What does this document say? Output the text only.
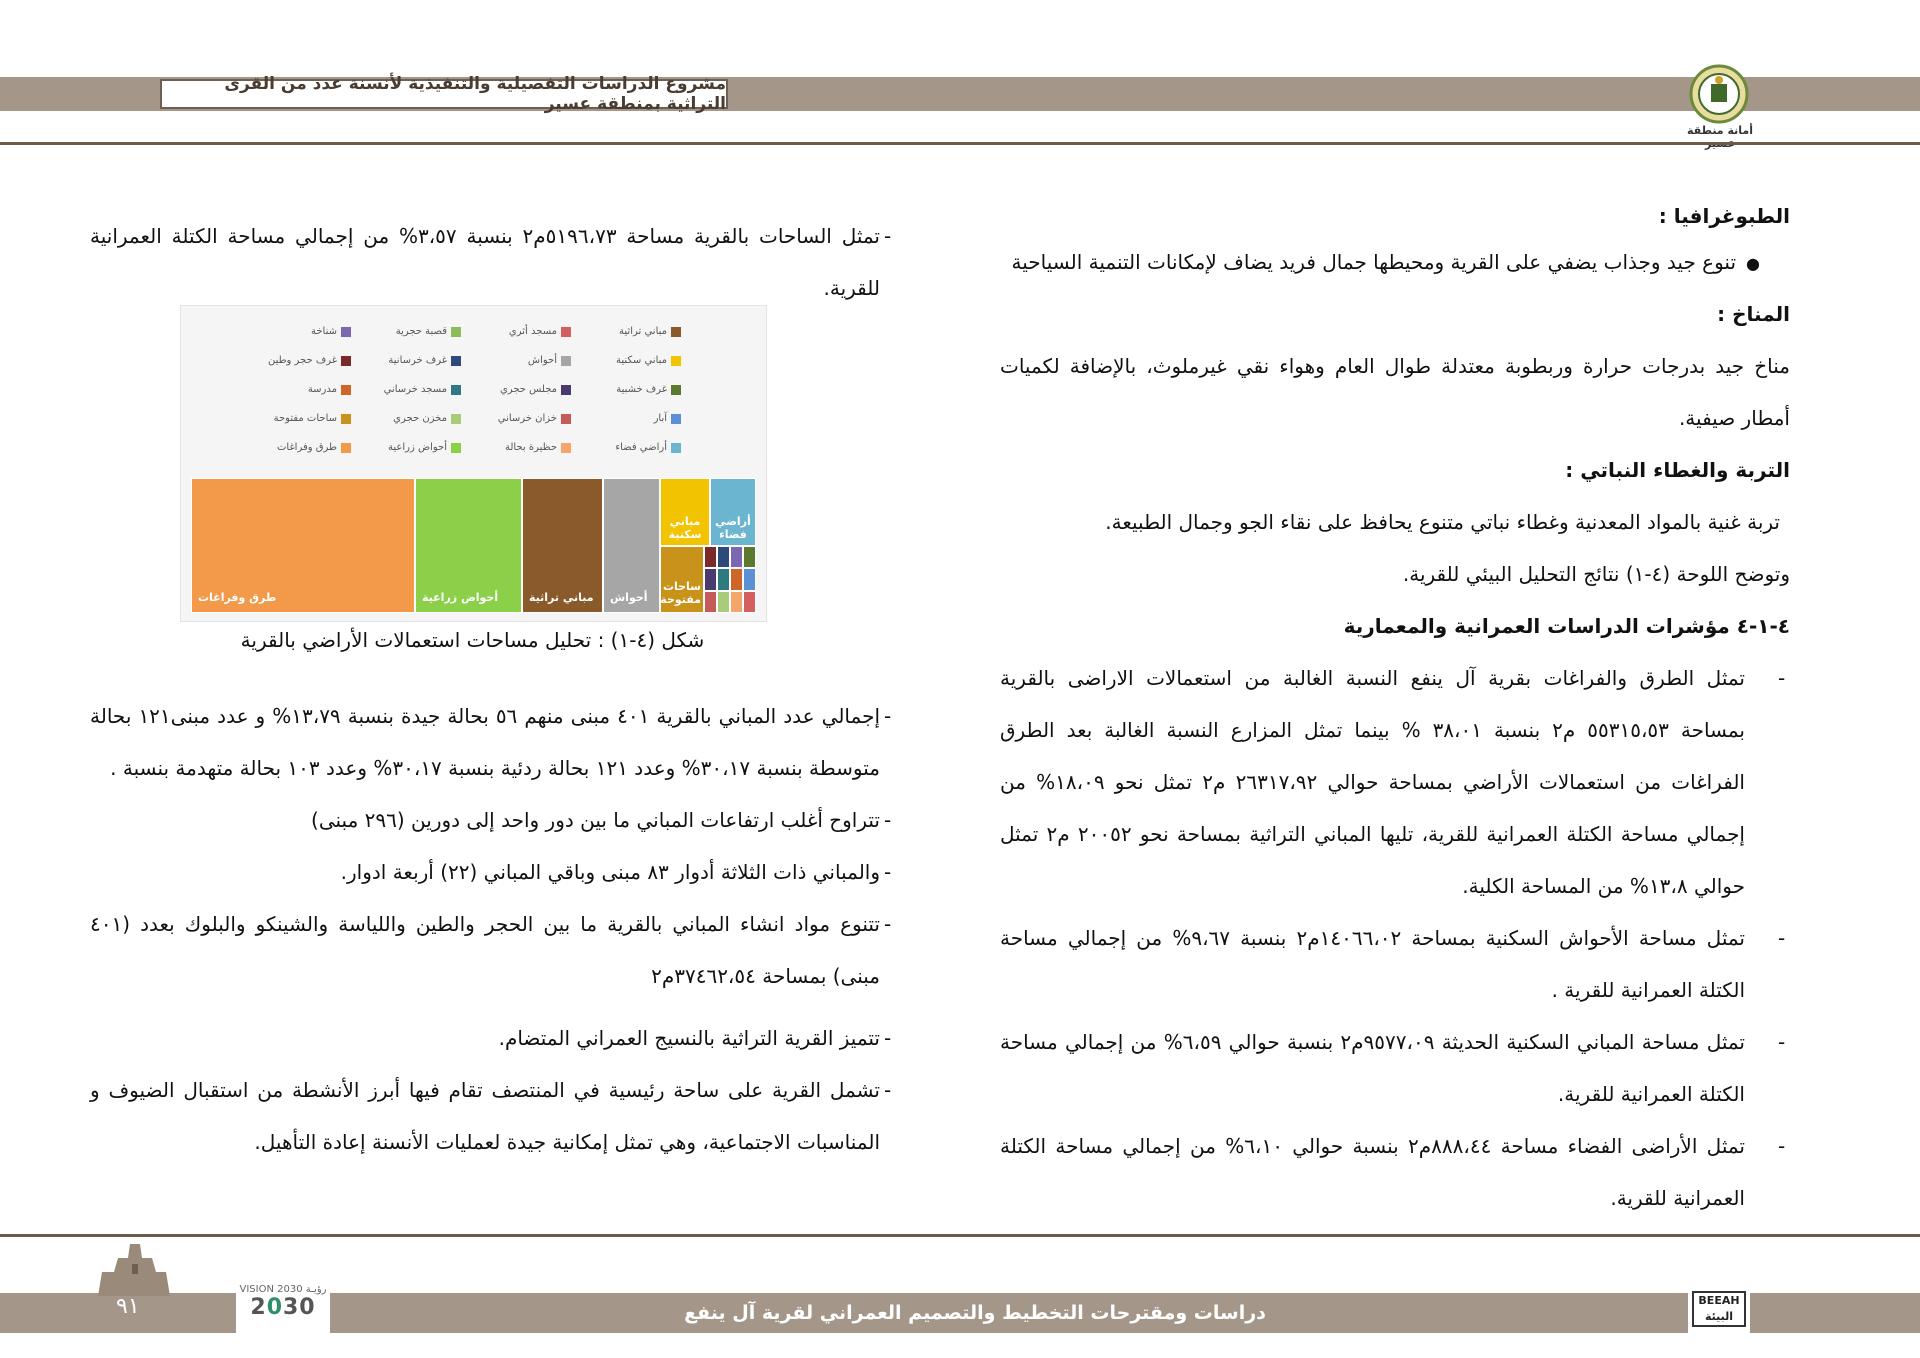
مشروع الدراسات التفصيلية والتنفيذية لأنسنة عدد من القرى التراثية بمنطقة عسير
أمانة منطقة
الطبوغرافيا :
●تنوع جيد وجذاب يضفي على القرية ومحيطها جمال فريد يضاف لإمكانات التنمية السياحية
المناخ :
مناخ جيد بدرجات حرارة وربطوبة معتدلة طوال العام وهواء نقي غيرملوث، بالإضافة لكميات أمطار صيفية.
التربة والغطاء النباتي :
تربة غنية بالمواد المعدنية وغطاء نباتي متنوع يحافظ على نقاء الجو وجمال الطبيعة.
وتوضح اللوحة (٤-١) نتائج التحليل البيئي للقرية.
٤-١-٤ مؤشرات الدراسات العمرانية والمعمارية
تمثل الطرق والفراغات بقرية آل ينفع النسبة الغالبة من استعمالات الاراضى بالقرية بمساحة ٥٥٣١٥،٥٣ م٢ بنسبة ٣٨،٠١ % بينما تمثل المزارع النسبة الغالبة بعد الطرق الفراغات من استعمالات الأراضي بمساحة حوالي ٢٦٣١٧،٩٢ م٢ تمثل نحو ١٨،٠٩% من إجمالي مساحة الكتلة العمرانية للقرية، تليها المباني التراثية بمساحة نحو ٢٠٠٥٢ م٢ تمثل حوالي ١٣،٨% من المساحة الكلية.
-
تمثل مساحة الأحواش السكنية بمساحة ١٤٠٦٦،٠٢م٢ بنسبة ٩،٦٧% من إجمالي مساحة الكتلة العمرانية للقرية .
-
تمثل مساحة المباني السكنية الحديثة ٩٥٧٧،٠٩م٢ بنسبة حوالي ٦،٥٩% من إجمالي مساحة الكتلة العمرانية للقرية.
-
تمثل الأراضى الفضاء مساحة ٨٨٨،٤٤م٢ بنسبة حوالي ٦،١٠% من إجمالي مساحة الكتلة العمرانية للقرية.
-
تمثل الساحات بالقرية مساحة ٥١٩٦،٧٣م٢ بنسبة ٣،٥٧% من إجمالي مساحة الكتلة العمرانية للقرية.
-
مباني تراثية
مسجد أثري
قصبة حجرية
شناخة
مباني سكنية
أحواش
غرف خرسانية
غرف حجر وطين
غرف خشبية
مجلس حجري
مسجد خرساني
مدرسة
آبار
خزان خرساني
مخزن حجري
ساحات مفتوحة
أراضي فضاء
حظيرة بحالة
أحواض زراعية
طرق وفراغات
طرق وفراغات	أحواض زراعية	مباني تراثية أحواش
مباني سكنية
أراضي فضاء
ساحات مفتوحة
شكل (٤-١) : تحليل مساحات استعمالات الأراضي بالقرية
إجمالي عدد المباني بالقرية ٤٠١ مبنى منهم ٥٦ بحالة جيدة بنسبة ١٣،٧٩% و عدد مبنى١٢١ بحالة متوسطة بنسبة ٣٠،١٧% وعدد ١٢١ بحالة ردئية بنسبة ٣٠،١٧% وعدد ١٠٣ بحالة متهدمة بنسبة .
-
تتراوح أغلب ارتفاعات المباني ما بين دور واحد إلى دورين (٢٩٦ مبنى) -
والمباني ذات الثلاثة أدوار ٨٣ مبنى وباقي المباني (٢٢) أربعة ادوار. -
تتنوع مواد انشاء المباني بالقرية ما بين الحجر والطين واللياسة والشينكو والبلوك بعدد (٤٠١ مبنى) بمساحة ٣٧٤٦٢،٥٤م٢
-
تتميز القرية التراثية بالنسيج العمراني المتضام. -
تشمل القرية على ساحة رئيسية في المنتصف تقام فيها أبرز الأنشطة من استقبال الضيوف و المناسبات الاجتماعية، وهي تمثل إمكانية جيدة لعمليات الأنسنة إعادة التأهيل.
-
٩١
VISION رؤيـة 2030
2030	دراسات ومقترحات التخطيط والتصميم العمراني لقرية آل ينفع
BEEAH البيئة
